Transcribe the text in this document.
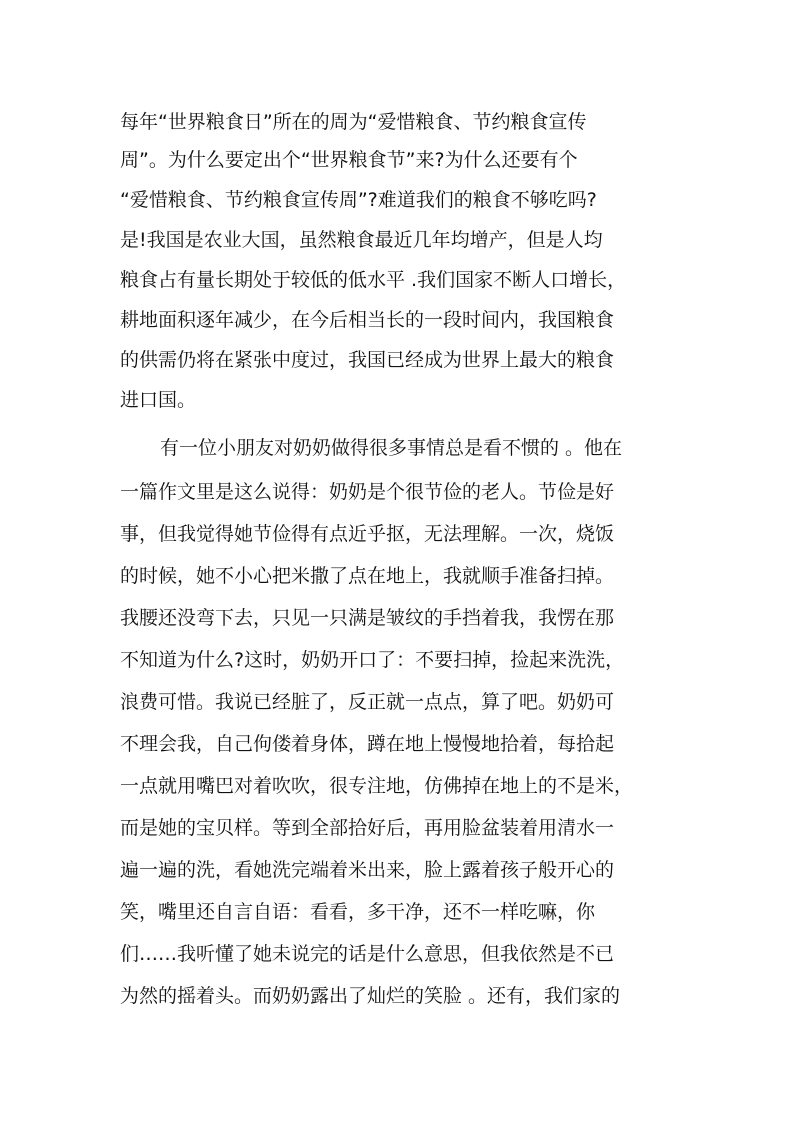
每年“世界粮食日”所在的周为“爱惜粮食、节约粮食宣传
周”。为什么要定出个“世界粮食节”来?为什么还要有个
“爱惜粮食、节约粮食宣传周”?难道我们的粮食不够吃吗?
是!我国是农业大国，虽然粮食最近几年均增产，但是人均
粮食占有量长期处于较低的低水平 .我们国家不断人口增长，
耕地面积逐年减少，在今后相当长的一段时间内，我国粮食
的供需仍将在紧张中度过，我国已经成为世界上最大的粮食
进口国。
有一位小朋友对奶奶做得很多事情总是看不惯的 。他在
一篇作文里是这么说得：奶奶是个很节俭的老人。节俭是好
事，但我觉得她节俭得有点近乎抠，无法理解。一次，烧饭
的时候，她不小心把米撒了点在地上，我就顺手准备扫掉。
我腰还没弯下去，只见一只满是皱纹的手挡着我，我愣在那
不知道为什么?这时，奶奶开口了：不要扫掉，捡起来洗洗，
浪费可惜。我说已经脏了，反正就一点点，算了吧。奶奶可
不理会我，自己佝偻着身体，蹲在地上慢慢地拾着，每拾起
一点就用嘴巴对着吹吹，很专注地，仿佛掉在地上的不是米，
而是她的宝贝样。等到全部拾好后，再用脸盆装着用清水一
遍一遍的洗，看她洗完端着米出来，脸上露着孩子般开心的
笑，嘴里还自言自语：看看，多干净，还不一样吃嘛，你
们……我听懂了她未说完的话是什么意思，但我依然是不已
为然的摇着头。而奶奶露出了灿烂的笑脸 。还有，我们家的
